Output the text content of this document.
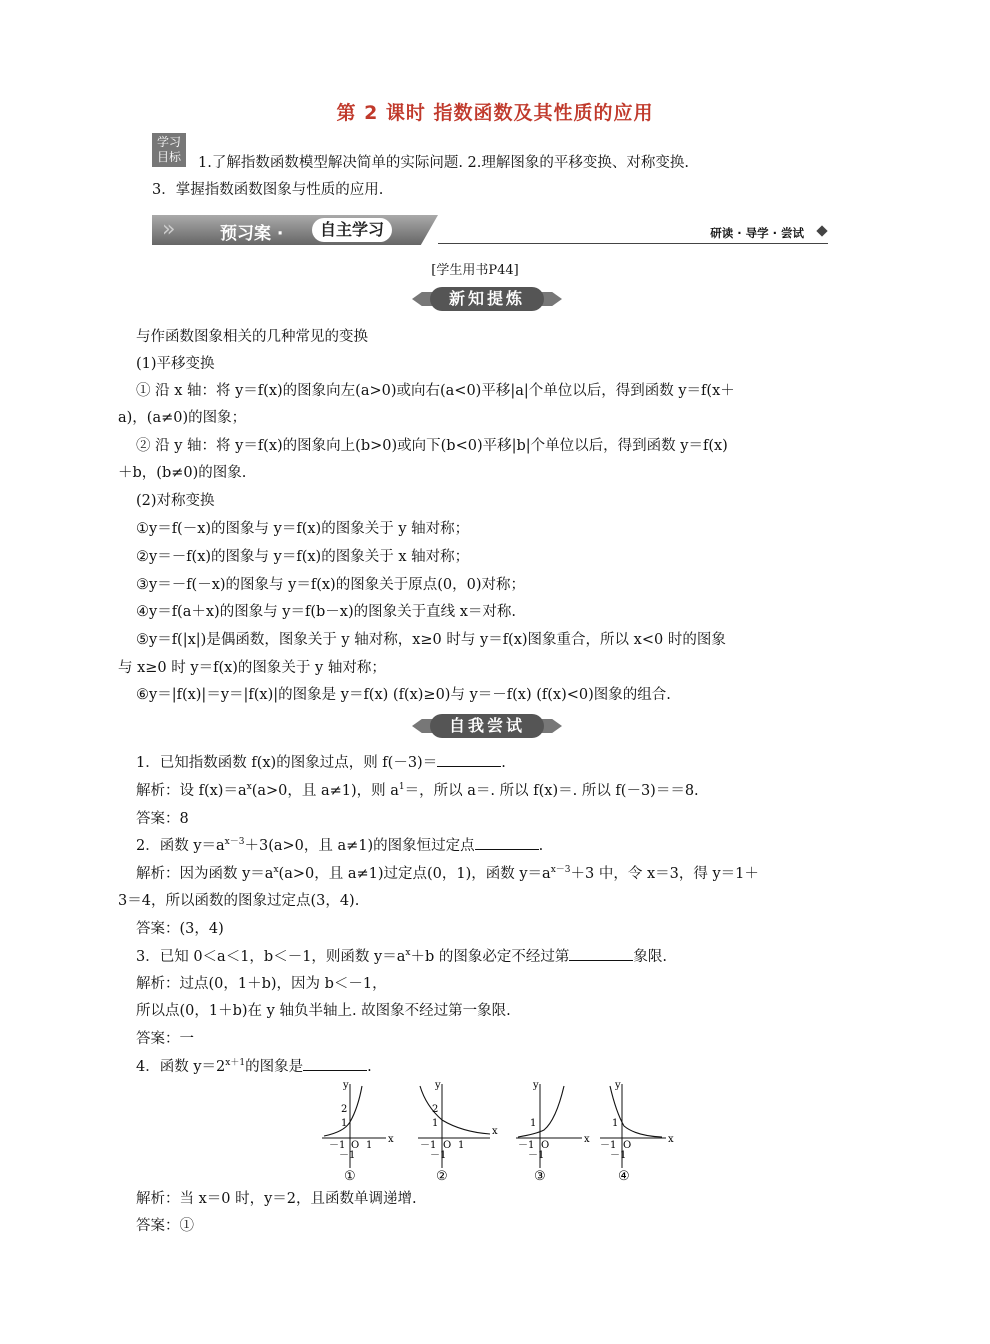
第 2 课时 指数函数及其性质的应用
学习目标	1.了解指数函数模型解决简单的实际问题. 2.理解图象的平移变换、对称变换.
3．掌握指数函数图象与性质的应用.
»	预习案 ·	自主学习	研读 · 导学 · 尝试
[学生用书P44]
新知提炼
与作函数图象相关的几种常见的变换
(1)平移变换
① 沿 x 轴：将 y＝f(x)的图象向左(a>0)或向右(a<0)平移|a|个单位以后，得到函数 y＝f(x＋
a)，(a≠0)的图象；
② 沿 y 轴：将 y＝f(x)的图象向上(b>0)或向下(b<0)平移|b|个单位以后，得到函数 y＝f(x)
＋b，(b≠0)的图象.
(2)对称变换
①y＝f(－x)的图象与 y＝f(x)的图象关于 y 轴对称；
②y＝－f(x)的图象与 y＝f(x)的图象关于 x 轴对称；
③y＝－f(－x)的图象与 y＝f(x)的图象关于原点(0，0)对称；
④y＝f(a＋x)的图象与 y＝f(b－x)的图象关于直线 x＝对称.
⑤y＝f(|x|)是偶函数，图象关于 y 轴对称，x≥0 时与 y＝f(x)图象重合，所以 x<0 时的图象
与 x≥0 时 y＝f(x)的图象关于 y 轴对称；
⑥y＝|f(x)|＝y＝|f(x)|的图象是 y＝f(x) (f(x)≥0)与 y＝－f(x) (f(x)<0)图象的组合.
自我尝试
1．已知指数函数 f(x)的图象过点，则 f(－3)＝	.
解析：设 $f(x)=a^x(a>0$，且 a≠1)，则 $a^1=$，所以 a＝. 所以 f(x)＝. 所以 f(－3)＝＝8.
答案：8
2．函数 $y=a^{x-3}+3(a>0$，且 a≠1)的图象恒过定点	.
解析：因为函数 $y=a^x(a>0$，且 a≠1)过定点(0，1)，函数 $y=a^{x-3}+3$ 中，令 x＝3，得 y＝1＋
3＝4，所以函数的图象过定点(3，4).
答案：(3，4)
3．已知 0＜a＜1，b＜－1，则函数 $y=a^x+b$ 的图象必定不经过第	象限.
解析：过点(0，1＋b)，因为 b＜－1，
所以点(0，1＋b)在 y 轴负半轴上. 故图象不经过第一象限.
答案：一
4．函数 $y=2^{x+1}$的图象是	.
y
x
2
1
－1 O 1
－1
①
y
x
2
1
－1 O 1
－1
②
y
x
1
－1 O
－1
③
y
x
1
－1 O
－1
④
解析：当 x＝0 时，y＝2，且函数单调递增.
答案：①
